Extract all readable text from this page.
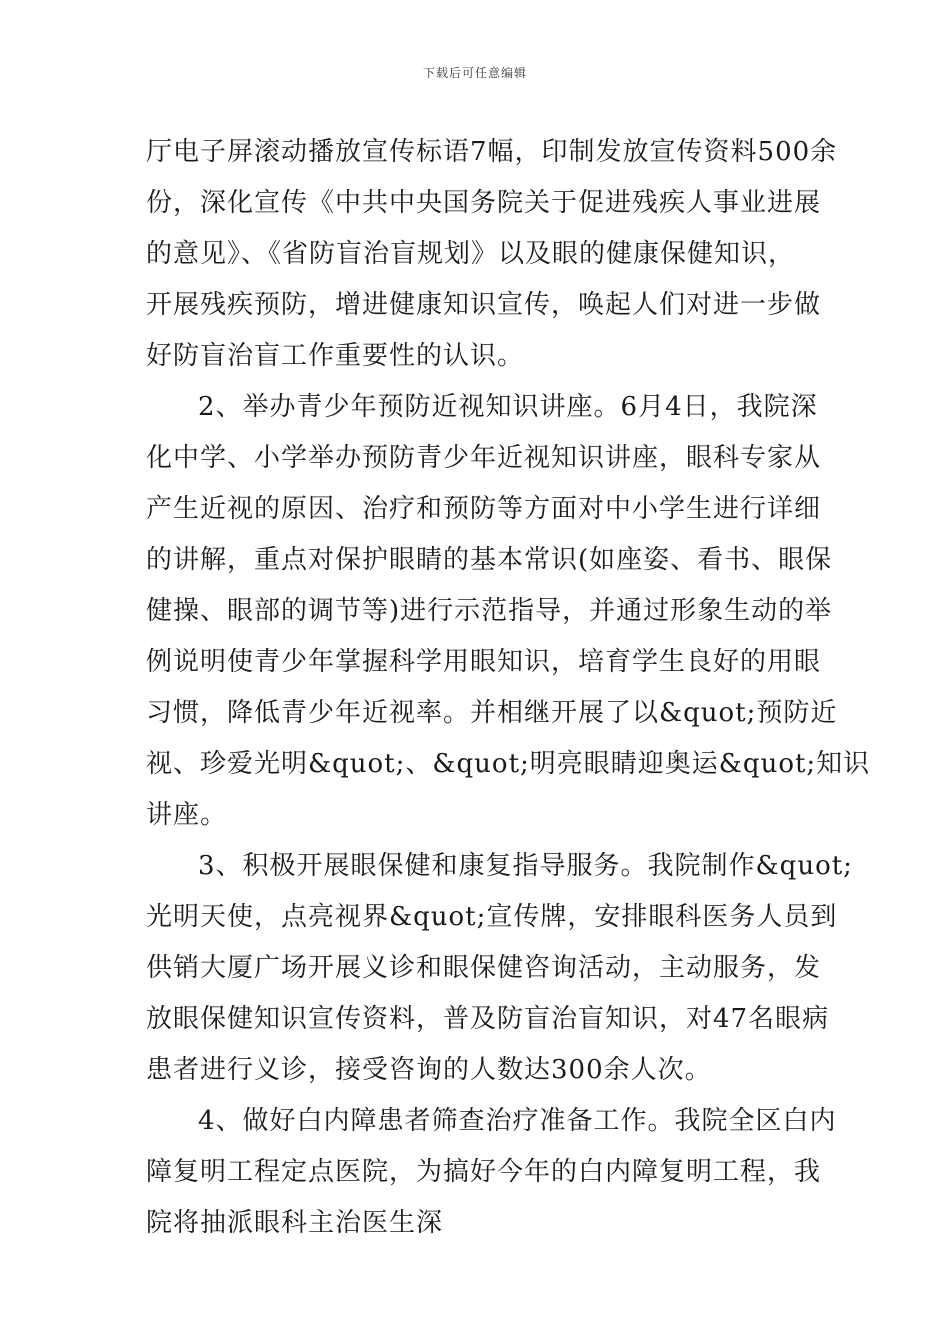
下载后可任意编辑
厅电子屏滚动播放宣传标语7幅，印制发放宣传资料500余
份，深化宣传《中共中央国务院关于促进残疾人事业进展
的意见》、《省防盲治盲规划》以及眼的健康保健知识，
开展残疾预防，增进健康知识宣传，唤起人们对进一步做
好防盲治盲工作重要性的认识。
2、举办青少年预防近视知识讲座。6月4日，我院深
化中学、小学举办预防青少年近视知识讲座，眼科专家从
产生近视的原因、治疗和预防等方面对中小学生进行详细
的讲解，重点对保护眼睛的基本常识(如座姿、看书、眼保
健操、眼部的调节等)进行示范指导，并通过形象生动的举
例说明使青少年掌握科学用眼知识，培育学生良好的用眼
习惯，降低青少年近视率。并相继开展了以&quot;预防近
视、珍爱光明&quot;、&quot;明亮眼睛迎奥运&quot;知识
讲座。
3、积极开展眼保健和康复指导服务。我院制作&quot;
光明天使，点亮视界&quot;宣传牌，安排眼科医务人员到
供销大厦广场开展义诊和眼保健咨询活动，主动服务，发
放眼保健知识宣传资料，普及防盲治盲知识，对47名眼病
患者进行义诊，接受咨询的人数达300余人次。
4、做好白内障患者筛查治疗准备工作。我院全区白内
障复明工程定点医院，为搞好今年的白内障复明工程，我
院将抽派眼科主治医生深
